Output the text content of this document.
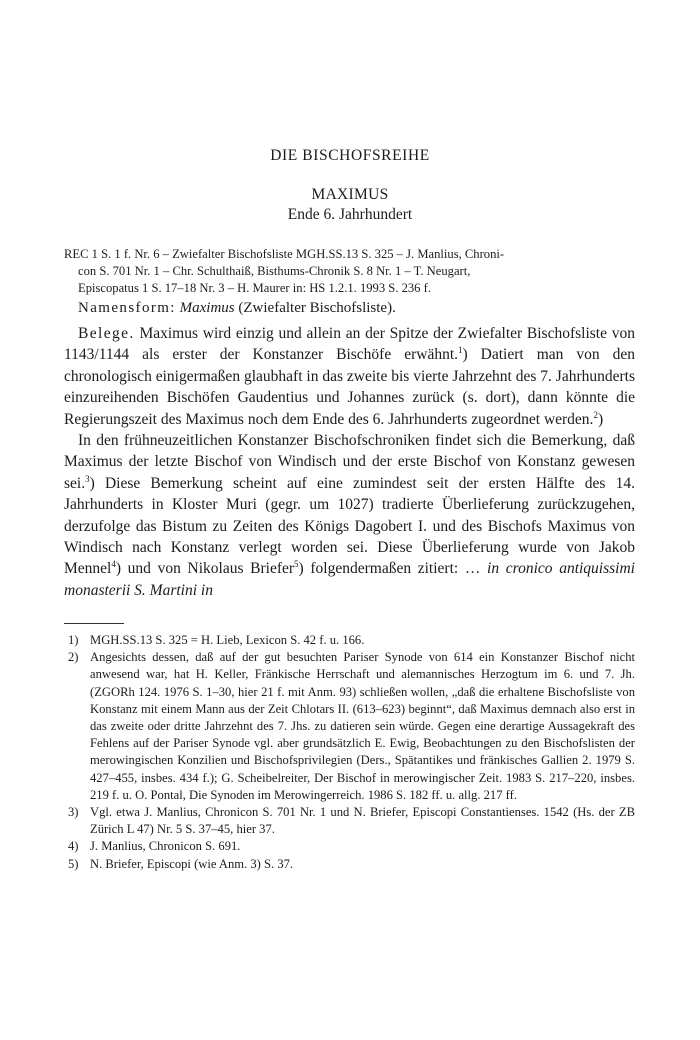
DIE BISCHOFSREIHE
MAXIMUS
Ende 6. Jahrhundert
REC 1 S. 1 f. Nr. 6 – Zwiefalter Bischofsliste MGH.SS.13 S. 325 – J. Manlius, Chroni-
con S. 701 Nr. 1 – Chr. Schulthaiß, Bisthums-Chronik S. 8 Nr. 1 – T. Neugart,
Episcopatus 1 S. 17–18 Nr. 3 – H. Maurer in: HS 1.2.1. 1993 S. 236 f.
Namensform: Maximus (Zwiefalter Bischofsliste).

Belege. Maximus wird einzig und allein an der Spitze der Zwiefalter Bischofsliste von 1143/1144 als erster der Konstanzer Bischöfe erwähnt.$^1$) Datiert man von den chronologisch einigermaßen glaubhaft in das zweite bis vierte Jahrzehnt des 7. Jahrhunderts einzureihenden Bischöfen Gaudentius und Johannes zurück (s. dort), dann könnte die Regierungszeit des Maximus noch dem Ende des 6. Jahrhunderts zugeordnet werden.$^2$)

In den frühneuzeitlichen Konstanzer Bischofschroniken findet sich die Bemerkung, daß Maximus der letzte Bischof von Windisch und der erste Bischof von Konstanz gewesen sei.$^3$) Diese Bemerkung scheint auf eine zumindest seit der ersten Hälfte des 14. Jahrhunderts in Kloster Muri (gegr. um 1027) tradierte Überlieferung zurückzugehen, derzufolge das Bistum zu Zeiten des Königs Dagobert I. und des Bischofs Maximus von Windisch nach Konstanz verlegt worden sei. Diese Überlieferung wurde von Jakob Mennel$^4$) und von Nikolaus Briefer$^5$) folgendermaßen zitiert: … in cronico antiquissimi monasterii S. Martini in

1) MGH.SS.13 S. 325 = H. Lieb, Lexicon S. 42 f. u. 166.
2) Angesichts dessen, daß auf der gut besuchten Pariser Synode von 614 ein Konstanzer Bischof nicht anwesend war, hat H. Keller, Fränkische Herrschaft und alemannisches Herzogtum im 6. und 7. Jh. (ZGORh 124. 1976 S. 1–30, hier 21 f. mit Anm. 93) schließen wollen, „daß die erhaltene Bischofsliste von Konstanz mit einem Mann aus der Zeit Chlotars II. (613–623) beginnt“, daß Maximus demnach also erst in das zweite oder dritte Jahrzehnt des 7. Jhs. zu datieren sein würde. Gegen eine derartige Aussagekraft des Fehlens auf der Pariser Synode vgl. aber grundsätzlich E. Ewig, Beobachtungen zu den Bischofslisten der merowingischen Konzilien und Bischofsprivilegien (Ders., Spätantikes und fränkisches Gallien 2. 1979 S. 427–455, insbes. 434 f.); G. Scheibelreiter, Der Bischof in merowingischer Zeit. 1983 S. 217–220, insbes. 219 f. u. O. Pontal, Die Synoden im Merowingerreich. 1986 S. 182 ff. u. allg. 217 ff.
3) Vgl. etwa J. Manlius, Chronicon S. 701 Nr. 1 und N. Briefer, Episcopi Constantienses. 1542 (Hs. der ZB Zürich L 47) Nr. 5 S. 37–45, hier 37.
4) J. Manlius, Chronicon S. 691.
5) N. Briefer, Episcopi (wie Anm. 3) S. 37.
